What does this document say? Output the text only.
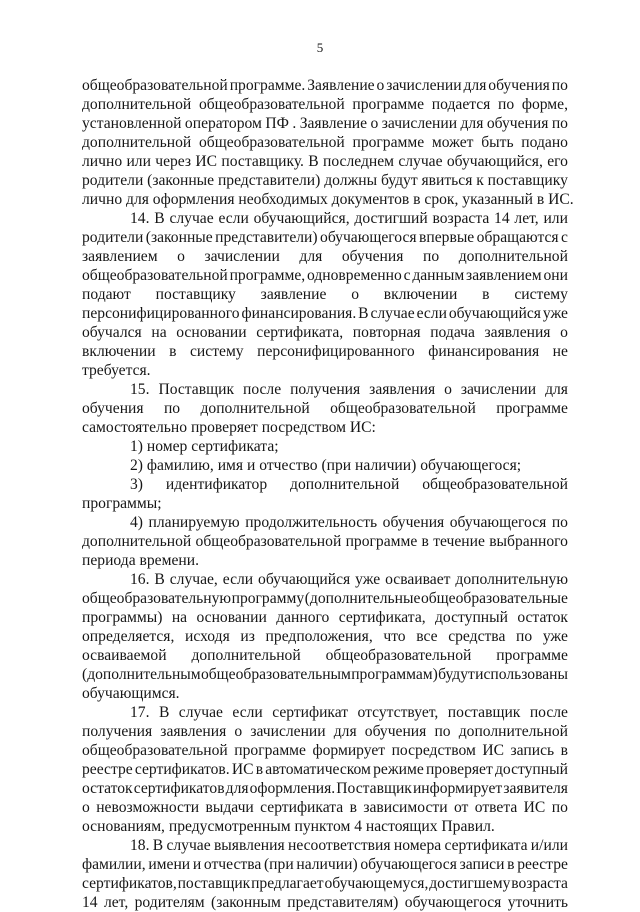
5
общеобразовательной программе. Заявление о зачислении для обучения по
дополнительной общеобразовательной программе подается по форме,
установленной оператором ПФ . Заявление о зачислении для обучения по
дополнительной общеобразовательной программе может быть подано
лично или через ИС поставщику. В последнем случае обучающийся, его
родители (законные представители) должны будут явиться к поставщику
лично для оформления необходимых документов в срок, указанный в ИС.
14. В случае если обучающийся, достигший возраста 14 лет, или
родители (законные представители) обучающегося впервые обращаются с
заявлением о зачислении для обучения по дополнительной
общеобразовательной программе, одновременно с данным заявлением они
подают поставщику заявление о включении в систему
персонифицированного финансирования. В случае если обучающийся уже
обучался на основании сертификата, повторная подача заявления о
включении в систему персонифицированного финансирования не
требуется.
15. Поставщик после получения заявления о зачислении для
обучения по дополнительной общеобразовательной программе
самостоятельно проверяет посредством ИС:
1) номер сертификата;
2) фамилию, имя и отчество (при наличии) обучающегося;
3) идентификатор дополнительной общеобразовательной
программы;
4) планируемую продолжительность обучения обучающегося по
дополнительной общеобразовательной программе в течение выбранного
периода времени.
16. В случае, если обучающийся уже осваивает дополнительную
общеобразовательную программу (дополнительные общеобразовательные
программы) на основании данного сертификата, доступный остаток
определяется, исходя из предположения, что все средства по уже
осваиваемой дополнительной общеобразовательной программе
(дополнительным общеобразовательным программам) будут использованы
обучающимся.
17. В случае если сертификат отсутствует, поставщик после
получения заявления о зачислении для обучения по дополнительной
общеобразовательной программе формирует посредством ИС запись в
реестре сертификатов. ИС в автоматическом режиме проверяет доступный
остаток сертификатов для оформления. Поставщик информирует заявителя
о невозможности выдачи сертификата в зависимости от ответа ИС по
основаниям, предусмотренным пунктом 4 настоящих Правил.
18. В случае выявления несоответствия номера сертификата и/или
фамилии, имени и отчества (при наличии) обучающегося записи в реестре
сертификатов, поставщик предлагает обучающемуся, достигшему возраста
14 лет, родителям (законным представителям) обучающегося уточнить
